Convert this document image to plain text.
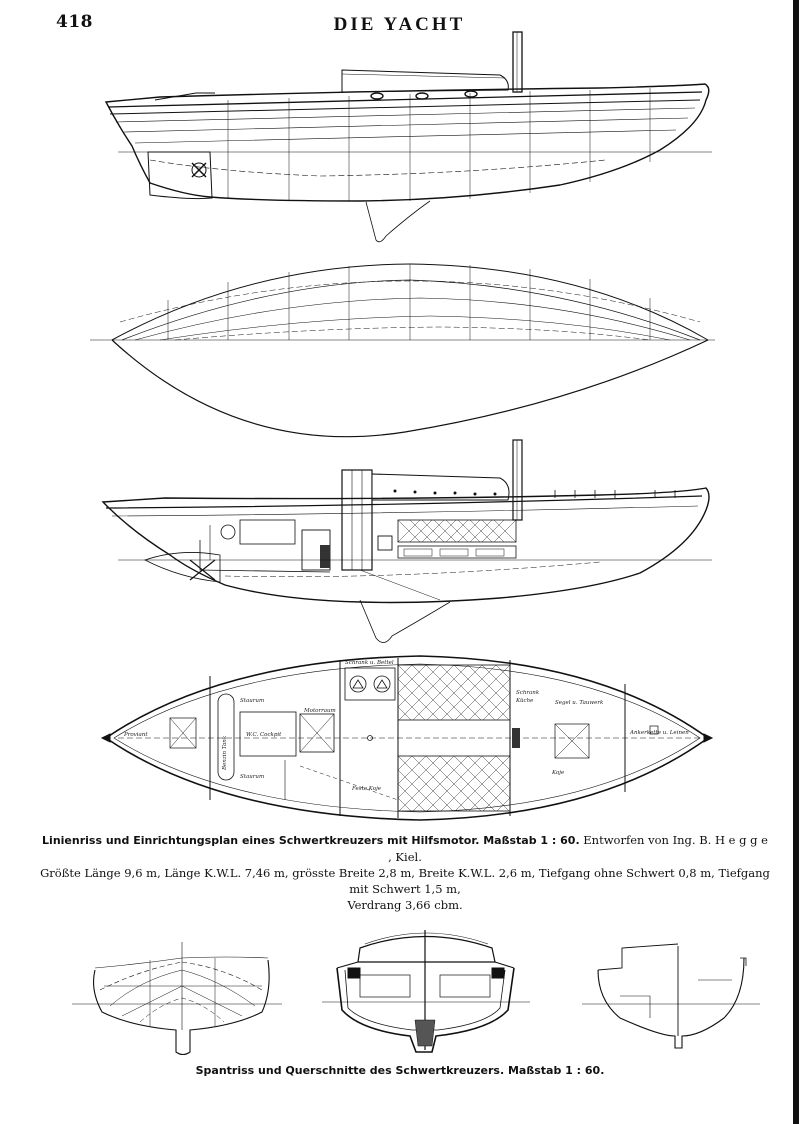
418	DIE YACHT
Proviant
Staurum
Benzin Tank
W.C. Cockpit
Motorraum
Staurum
Schrank u. Bettel
Schrank
Küche	Segel u. Tauwerk
Ankerkette u. Leinen
Koje
Feste Koje
Linienriss und Einrichtungsplan eines Schwertkreuzers mit Hilfsmotor. Maßstab 1 : 60. Entworfen von Ing. B. H e g g e , Kiel.
Größte Länge 9,6 m, Länge K.W.L. 7,46 m, grösste Breite 2,8 m, Breite K.W.L. 2,6 m, Tiefgang ohne Schwert 0,8 m, Tiefgang mit Schwert 1,5 m,
Verdrang 3,66 cbm.
Spantriss und Querschnitte des Schwertkreuzers. Maßstab 1 : 60.
